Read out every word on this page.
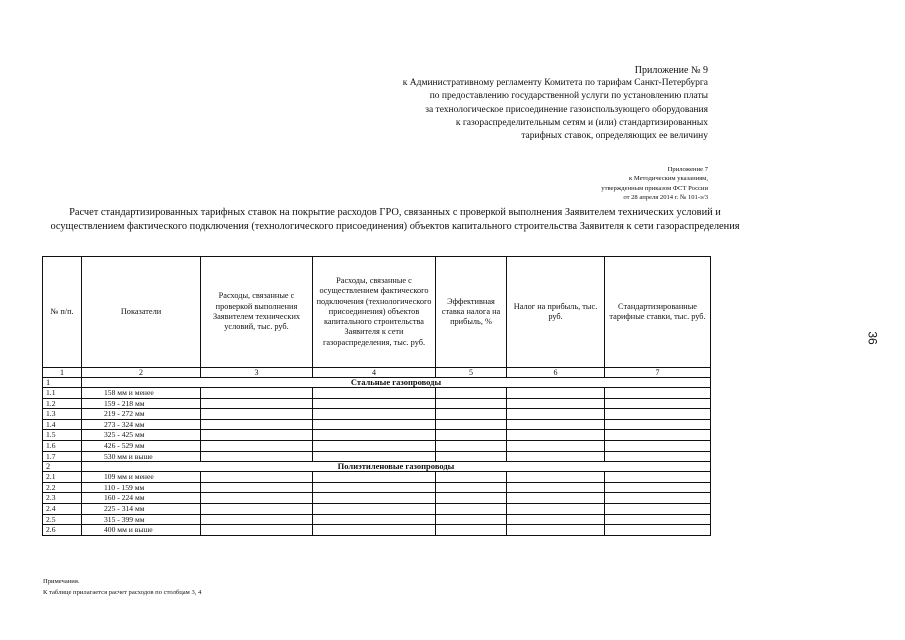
Приложение № 9
к Административному регламенту Комитета по тарифам Санкт-Петербурга
по предоставлению государственной услуги по установлению платы
за технологическое присоединение газоиспользующего оборудования
к газораспределительным сетям и (или) стандартизированных
тарифных ставок, определяющих ее величину
Приложение 7
к Методическим указаниям,
утвержденным приказом ФСТ России
от 28 апреля 2014 г. № 101-э/3
Расчет стандартизированных тарифных ставок на покрытие расходов ГРО, связанных с проверкой выполнения Заявителем технических условий и осуществлением фактического подключения (технологического присоединения) объектов капитального строительства Заявителя к сети газораспределения
№ п/п.	Показатели	Расходы, связанные с проверкой выполнения Заявителем технических условий, тыс. руб.	Расходы, связанные с осуществлением фактического подключения (технологического присоединения) объектов капитального строительства Заявителя к сети газораспределения, тыс. руб.	Эффективная ставка налога на прибыль, %	Налог на прибыль, тыс. руб.	Стандартизированные тарифные ставки, тыс. руб.
1	2	3	4	5	6	7
1	Стальные газопроводы					
1.1	158 мм и менее					
1.2	159 - 218 мм					
1.3	219 - 272 мм					
1.4	273 - 324 мм					
1.5	325 - 425 мм					
1.6	426 - 529 мм					
1.7	530 мм и выше					
2	Полиэтиленовые газопроводы					
2.1	109 мм и менее					
2.2	110 - 159 мм					
2.3	160 - 224 мм					
2.4	225 - 314 мм					
2.5	315 - 399 мм					
2.6	400 мм и выше					
Примечания.
К таблице прилагается расчет расходов по столбцам 3, 4
36
